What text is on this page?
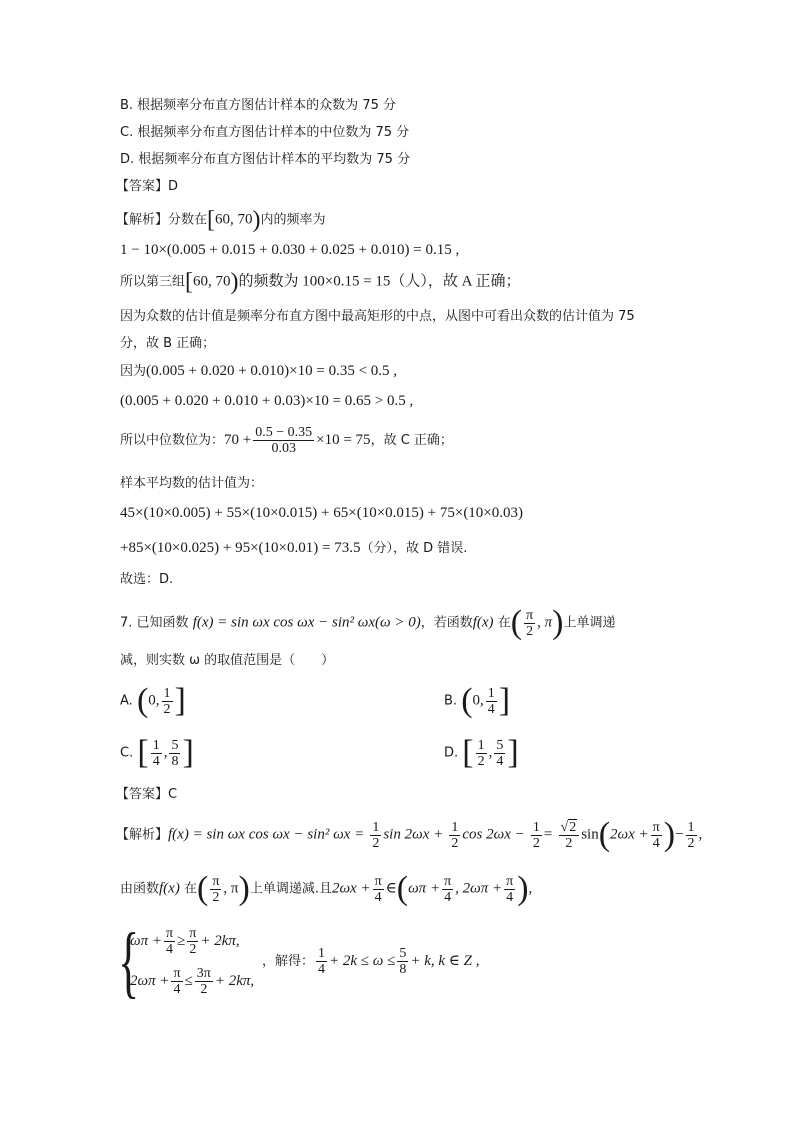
B. 根据频率分布直方图估计样本的众数为 75 分
C. 根据频率分布直方图估计样本的中位数为 75 分
D. 根据频率分布直方图估计样本的平均数为 75 分
【答案】D
【解析】分数在[60, 70)内的频率为
1 − 10×(0.005 + 0.015 + 0.030 + 0.025 + 0.010) = 0.15 ,
所以第三组[60, 70)的频数为 100×0.15 = 15（人），故 A 正确；
因为众数的估计值是频率分布直方图中最高矩形的中点，从图中可看出众数的估计值为 75
分，故 B 正确；
因为(0.005 + 0.020 + 0.010)×10 = 0.35 < 0.5 ,
(0.005 + 0.020 + 0.010 + 0.03)×10 = 0.65 > 0.5 ,
所以中位数位为：$70 + \frac{0.5 - 0.35}{0.03} \times 10 = 75$，故 C 正确；
样本平均数的估计值为：
45×(10×0.005) + 55×(10×0.015) + 65×(10×0.015) + 75×(10×0.03)
+85×(10×0.025) + 95×(10×0.01) = 73.5（分），故 D 错误.
故选：D.
7. 已知函数 f(x) = sin ωx cos ωx − sin² ωx(ω > 0)，若函数f(x) 在( $\frac{\pi}{2}$ , π)上单调递
减，则实数 ω 的取值范围是（　　）
A. (0, $\frac{1}{2}$ ]	B. (0, $\frac{1}{4}$ ]
C. [ $\frac{1}{4}$ , $\frac{5}{8}$ ]	D. [ $\frac{1}{2}$ , $\frac{5}{4}$ ]
【答案】C
【解析】f(x) = sin ωx cos ωx − sin² $\omega x = \frac{1}{2}$ $\sin 2\omega x + \frac{1}{2}$ $\cos 2\omega x - \frac{1}{2} = \frac{√2}{2} \sin(2\omega x + \frac{\pi}{4}$ )− $\frac{1}{2}$ ,
由函数f(x) 在( $\frac{\pi}{2}$ , π)上单调递减.且$2\omega x + \frac{\pi}{4}$ ∈(ωπ + $\frac{\pi}{4}$ , $2\omega\pi + \frac{\pi}{4}$ ),
{
$\omega\pi + \frac{\pi}{4} \ge \frac{\pi}{2} + 2k\pi$,
$2\omega\pi + \frac{\pi}{4} \le \frac{3\pi}{2} + 2k\pi$,
，解得： $\frac{1}{4} + 2k \le \omega \le \frac{5}{8} + k$, k ∈ Z ,
